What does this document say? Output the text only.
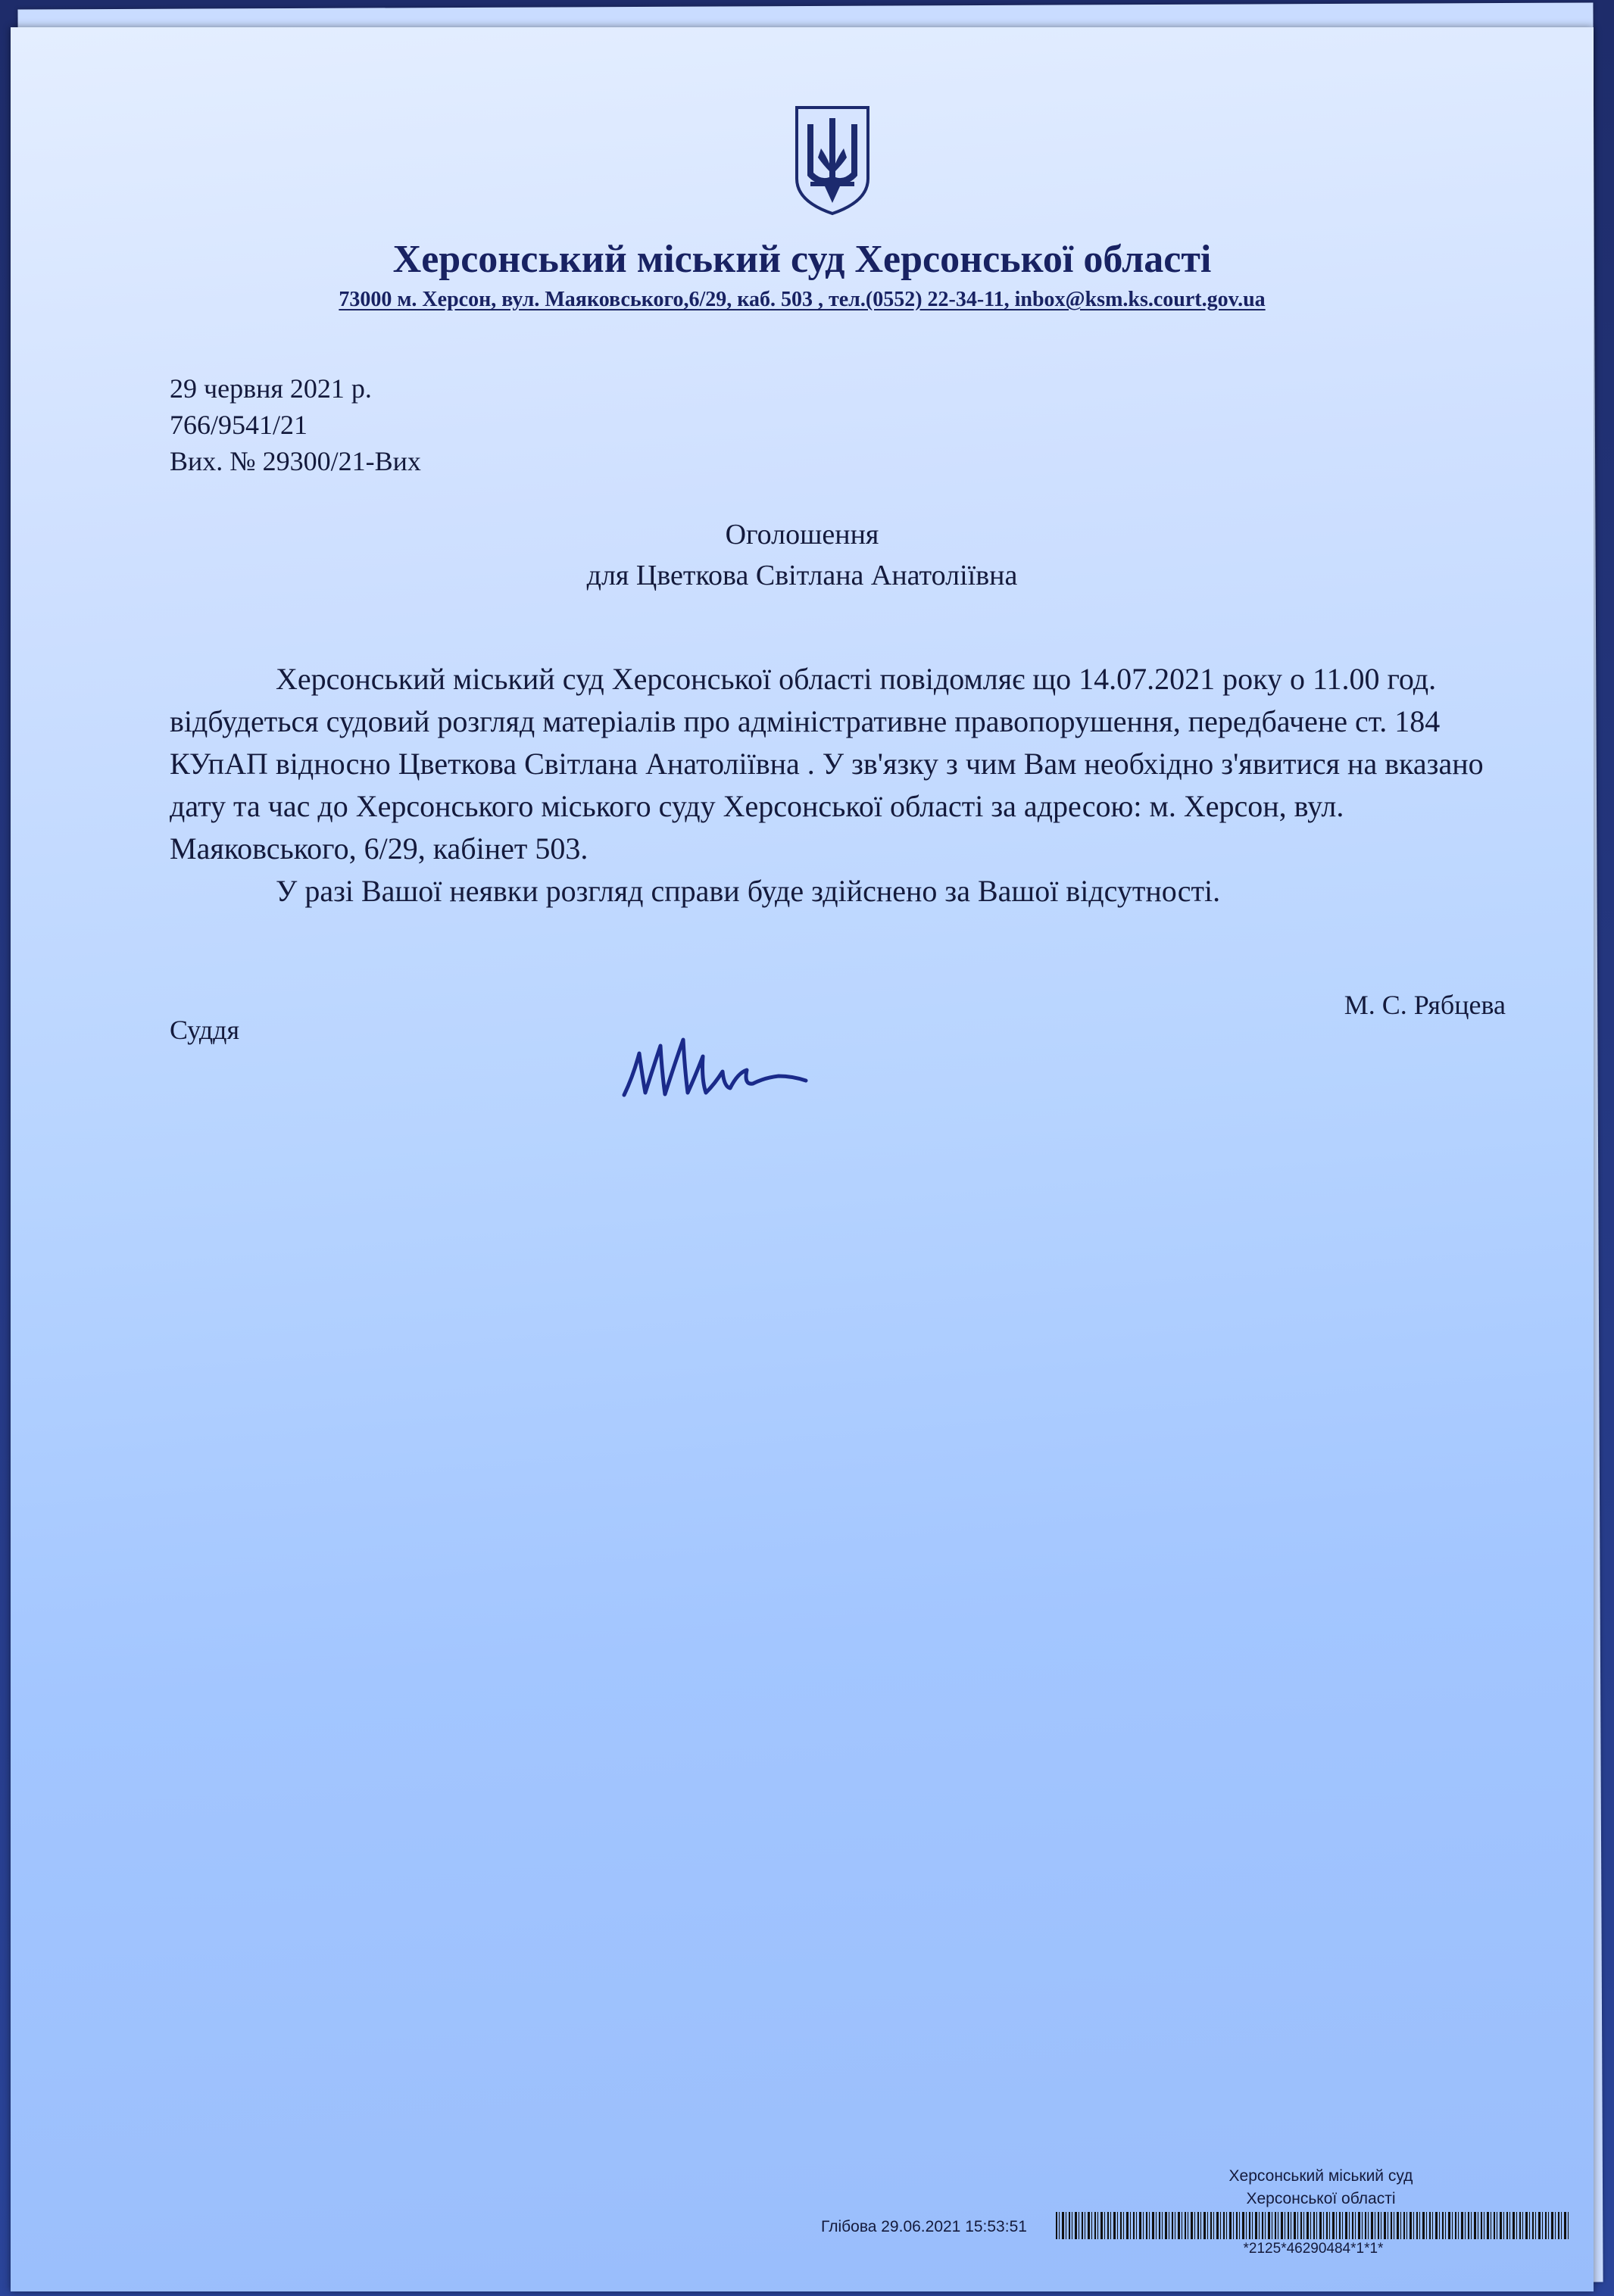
Херсонський міський суд Херсонської області
73000 м. Херсон, вул. Маяковського,6/29, каб. 503 , тел.(0552) 22-34-11, inbox@ksm.ks.court.gov.ua
29 червня 2021 р.
766/9541/21
Вих. № 29300/21-Вих
Оголошення
для Цветкова Світлана Анатоліївна

Херсонський міський суд Херсонської області повідомляє що 14.07.2021 року о 11.00 год. відбудеться судовий розгляд матеріалів про адміністративне правопорушення, передбачене ст. 184 КУпАП відносно Цветкова Світлана Анатоліївна . У зв'язку з чим Вам необхідно з'явитися на вказано дату та час до Херсонського міського суду Херсонської області за адресою: м. Херсон, вул. Маяковського, 6/29, кабінет 503.

У разі Вашої неявки розгляд справи буде здійснено за Вашої відсутності.

Суддя
М. С. Рябцева
Херсонський міський суд
Херсонської області
Глібова 29.06.2021 15:53:51
*2125*46290484*1*1*
